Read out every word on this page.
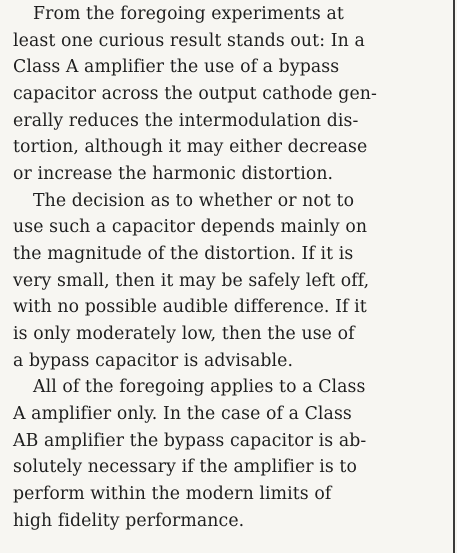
From the foregoing experiments at
least one curious result stands out: In a
Class A amplifier the use of a bypass
capacitor across the output cathode gen-
erally reduces the intermodulation dis-
tortion, although it may either decrease
or increase the harmonic distortion.
The decision as to whether or not to
use such a capacitor depends mainly on
the magnitude of the distortion. If it is
very small, then it may be safely left off,
with no possible audible difference. If it
is only moderately low, then the use of
a bypass capacitor is advisable.
All of the foregoing applies to a Class
A amplifier only. In the case of a Class
AB amplifier the bypass capacitor is ab-
solutely necessary if the amplifier is to
perform within the modern limits of
high fidelity performance.
